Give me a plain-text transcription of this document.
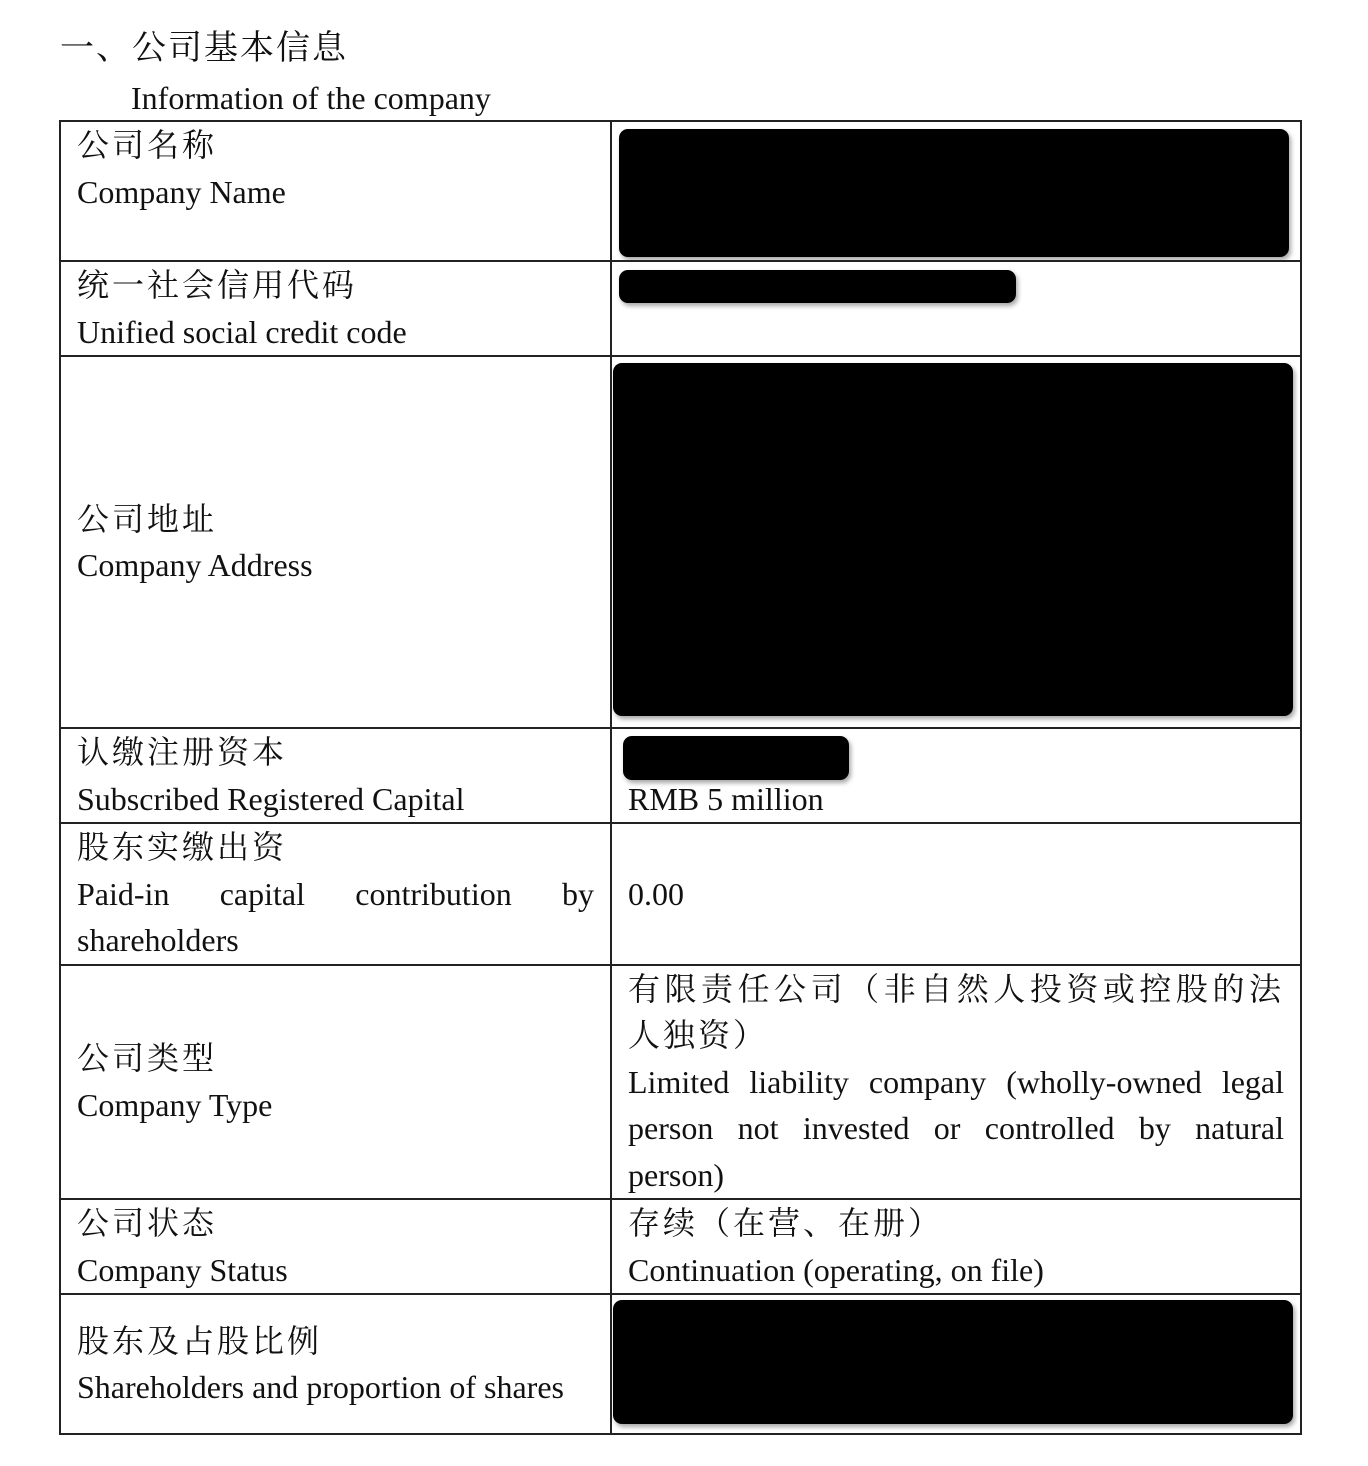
一、公司基本信息
Information of the company
公司名称
Company Name	

统一社会信用代码
Unified social credit code	

公司地址
Company Address	

认缴注册资本
Subscribed Registered Capital	RMB 5 million

股东实缴出资
Paid-in capital contribution by shareholders	0.00

公司类型
Company Type	有限责任公司（非自然人投资或控股的法人独资）
Limited liability company (wholly-owned legal person not invested or controlled by natural person)

公司状态
Company Status	存续（在营、在册）
Continuation (operating, on file)

股东及占股比例
Shareholders and proportion of shares	
